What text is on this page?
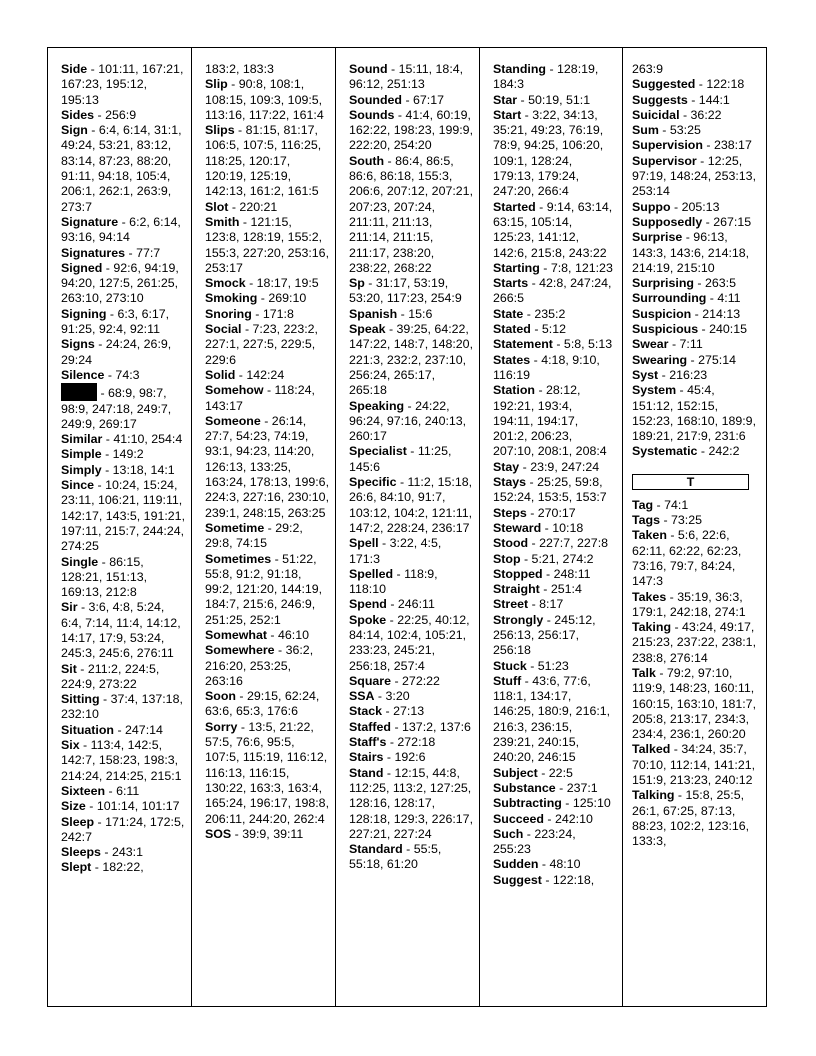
Side - 101:11, 167:21, 167:23, 195:12, 195:13
Sides - 256:9
Sign - 6:4, 6:14, 31:1, 49:24, 53:21, 83:12, 83:14, 87:23, 88:20, 91:11, 94:18, 105:4, 206:1, 262:1, 263:9, 273:7
Signature - 6:2, 6:14, 93:16, 94:14
Signatures - 77:7
Signed - 92:6, 94:19, 94:20, 127:5, 261:25, 263:10, 273:10
Signing - 6:3, 6:17, 91:25, 92:4, 92:11
Signs - 24:24, 26:9, 29:24
Silence - 74:3
- 68:9, 98:7, 98:9, 247:18, 249:7, 249:9, 269:17
Similar - 41:10, 254:4
Simple - 149:2
Simply - 13:18, 14:1
Since - 10:24, 15:24, 23:11, 106:21, 119:11, 142:17, 143:5, 191:21, 197:11, 215:7, 244:24, 274:25
Single - 86:15, 128:21, 151:13, 169:13, 212:8
Sir - 3:6, 4:8, 5:24, 6:4, 7:14, 11:4, 14:12, 14:17, 17:9, 53:24, 245:3, 245:6, 276:11
Sit - 211:2, 224:5, 224:9, 273:22
Sitting - 37:4, 137:18, 232:10
Situation - 247:14
Six - 113:4, 142:5, 142:7, 158:23, 198:3, 214:24, 214:25, 215:1
Sixteen - 6:11
Size - 101:14, 101:17
Sleep - 171:24, 172:5, 242:7
Sleeps - 243:1
Slept - 182:22,
183:2, 183:3
Slip - 90:8, 108:1, 108:15, 109:3, 109:5, 113:16, 117:22, 161:4
Slips - 81:15, 81:17, 106:5, 107:5, 116:25, 118:25, 120:17, 120:19, 125:19, 142:13, 161:2, 161:5
Slot - 220:21
Smith - 121:15, 123:8, 128:19, 155:2, 155:3, 227:20, 253:16, 253:17
Smock - 18:17, 19:5
Smoking - 269:10
Snoring - 171:8
Social - 7:23, 223:2, 227:1, 227:5, 229:5, 229:6
Solid - 142:24
Somehow - 118:24, 143:17
Someone - 26:14, 27:7, 54:23, 74:19, 93:1, 94:23, 114:20, 126:13, 133:25, 163:24, 178:13, 199:6, 224:3, 227:16, 230:10, 239:1, 248:15, 263:25
Sometime - 29:2, 29:8, 74:15
Sometimes - 51:22, 55:8, 91:2, 91:18, 99:2, 121:20, 144:19, 184:7, 215:6, 246:9, 251:25, 252:1
Somewhat - 46:10
Somewhere - 36:2, 216:20, 253:25, 263:16
Soon - 29:15, 62:24, 63:6, 65:3, 176:6
Sorry - 13:5, 21:22, 57:5, 76:6, 95:5, 107:5, 115:19, 116:12, 116:13, 116:15, 130:22, 163:3, 163:4, 165:24, 196:17, 198:8, 206:11, 244:20, 262:4
SOS - 39:9, 39:11
Sound - 15:11, 18:4, 96:12, 251:13
Sounded - 67:17
Sounds - 41:4, 60:19, 162:22, 198:23, 199:9, 222:20, 254:20
South - 86:4, 86:5, 86:6, 86:18, 155:3, 206:6, 207:12, 207:21, 207:23, 207:24, 211:11, 211:13, 211:14, 211:15, 211:17, 238:20, 238:22, 268:22
Sp - 31:17, 53:19, 53:20, 117:23, 254:9
Spanish - 15:6
Speak - 39:25, 64:22, 147:22, 148:7, 148:20, 221:3, 232:2, 237:10, 256:24, 265:17, 265:18
Speaking - 24:22, 96:24, 97:16, 240:13, 260:17
Specialist - 11:25, 145:6
Specific - 11:2, 15:18, 26:6, 84:10, 91:7, 103:12, 104:2, 121:11, 147:2, 228:24, 236:17
Spell - 3:22, 4:5, 171:3
Spelled - 118:9, 118:10
Spend - 246:11
Spoke - 22:25, 40:12, 84:14, 102:4, 105:21, 233:23, 245:21, 256:18, 257:4
Square - 272:22
SSA - 3:20
Stack - 27:13
Staffed - 137:2, 137:6
Staff's - 272:18
Stairs - 192:6
Stand - 12:15, 44:8, 112:25, 113:2, 127:25, 128:16, 128:17, 128:18, 129:3, 226:17, 227:21, 227:24
Standard - 55:5, 55:18, 61:20
Standing - 128:19, 184:3
Star - 50:19, 51:1
Start - 3:22, 34:13, 35:21, 49:23, 76:19, 78:9, 94:25, 106:20, 109:1, 128:24, 179:13, 179:24, 247:20, 266:4
Started - 9:14, 63:14, 63:15, 105:14, 125:23, 141:12, 142:6, 215:8, 243:22
Starting - 7:8, 121:23
Starts - 42:8, 247:24, 266:5
State - 235:2
Stated - 5:12
Statement - 5:8, 5:13
States - 4:18, 9:10, 116:19
Station - 28:12, 192:21, 193:4, 194:11, 194:17, 201:2, 206:23, 207:10, 208:1, 208:4
Stay - 23:9, 247:24
Stays - 25:25, 59:8, 152:24, 153:5, 153:7
Steps - 270:17
Steward - 10:18
Stood - 227:7, 227:8
Stop - 5:21, 274:2
Stopped - 248:11
Straight - 251:4
Street - 8:17
Strongly - 245:12, 256:13, 256:17, 256:18
Stuck - 51:23
Stuff - 43:6, 77:6, 118:1, 134:17, 146:25, 180:9, 216:1, 216:3, 236:15, 239:21, 240:15, 240:20, 246:15
Subject - 22:5
Substance - 237:1
Subtracting - 125:10
Succeed - 242:10
Such - 223:24, 255:23
Sudden - 48:10
Suggest - 122:18,
263:9
Suggested - 122:18
Suggests - 144:1
Suicidal - 36:22
Sum - 53:25
Supervision - 238:17
Supervisor - 12:25, 97:19, 148:24, 253:13, 253:14
Suppo - 205:13
Supposedly - 267:15
Surprise - 96:13, 143:3, 143:6, 214:18, 214:19, 215:10
Surprising - 263:5
Surrounding - 4:11
Suspicion - 214:13
Suspicious - 240:15
Swear - 7:11
Swearing - 275:14
Syst - 216:23
System - 45:4, 151:12, 152:15, 152:23, 168:10, 189:9, 189:21, 217:9, 231:6
Systematic - 242:2
T
Tag - 74:1
Tags - 73:25
Taken - 5:6, 22:6, 62:11, 62:22, 62:23, 73:16, 79:7, 84:24, 147:3
Takes - 35:19, 36:3, 179:1, 242:18, 274:1
Taking - 43:24, 49:17, 215:23, 237:22, 238:1, 238:8, 276:14
Talk - 79:2, 97:10, 119:9, 148:23, 160:11, 160:15, 163:10, 181:7, 205:8, 213:17, 234:3, 234:4, 236:1, 260:20
Talked - 34:24, 35:7, 70:10, 112:14, 141:21, 151:9, 213:23, 240:12
Talking - 15:8, 25:5, 26:1, 67:25, 87:13, 88:23, 102:2, 123:16, 133:3,
